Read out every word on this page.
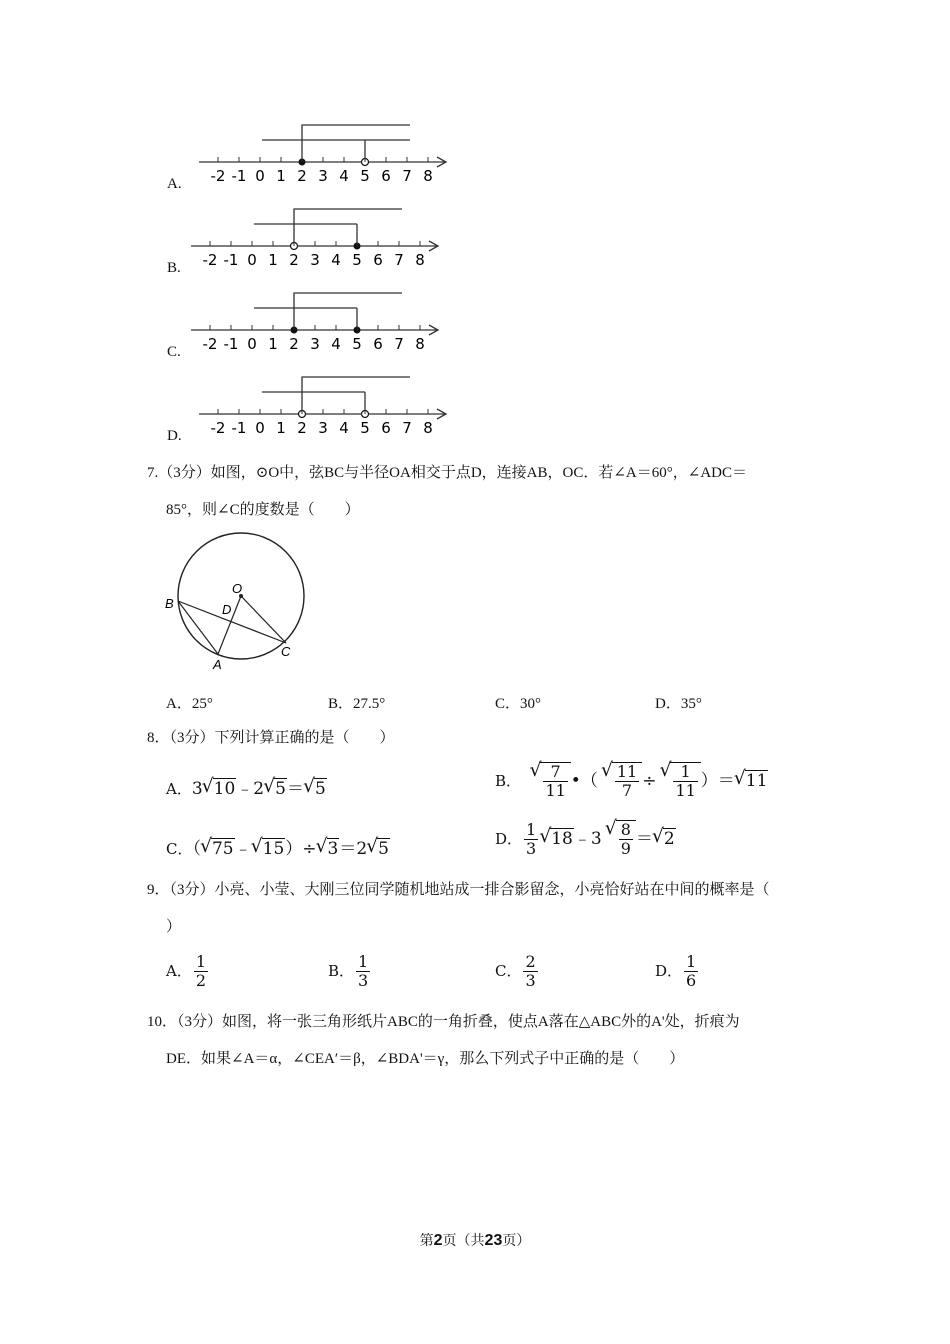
A. -2 -1 0 1 2 3 4 5 6 7 8
B. -2 -1 0 1 2 3 4 5 6 7 8
C. -2 -1 0 1 2 3 4 5 6 7 8
D. -2 -1 0 1 2 3 4 5 6 7 8
7.（3分）如图，⊙O中，弦BC与半径OA相交于点D，连接AB，OC．若∠A＝60°，∠ADC＝
85°，则∠C的度数是（　　）
O
B	D
A
C
A．25°	B．27.5°	C．30°	D．35°
8．（3分）下列计算正确的是（　　）
A．3 √ 10﹣2 √ 5＝ √ 5	B． √ $\frac{7}{11}$ •（ √ $\frac{11}{7}$ ÷ √ $\frac{1}{11}$ ）＝ √ 11
C．（ √ 75﹣ √ 15）÷ √ 3＝2 √ 5	D． $\frac{1}{3}$ √ 18﹣3 √ $\frac{8}{9}$ ＝ √ 2
9．（3分）小亮、小莹、大刚三位同学随机地站成一排合影留念，小亮恰好站在中间的概率是（
）
A． $\frac{1}{2}$	B． $\frac{1}{3}$	C． $\frac{2}{3}$	D． $\frac{1}{6}$
10．（3分）如图，将一张三角形纸片ABC的一角折叠，使点A落在△ABC外的A'处，折痕为
DE．如果∠A＝α，∠CEA′＝β，∠BDA'＝γ，那么下列式子中正确的是（　　）
第2页（共23页）
